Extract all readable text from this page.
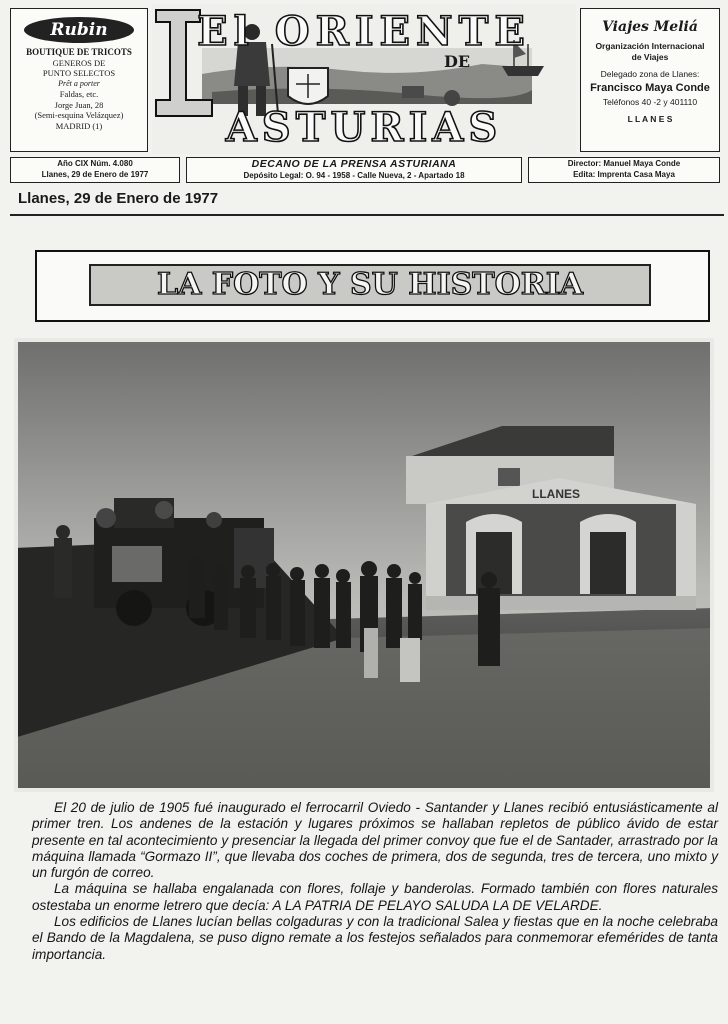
Rubin
BOUTIQUE DE TRICOTS
GENEROS DE
PUNTO SELECTOS
Prêt a porter
Faldas, etc.
Jorge Juan, 28
(Semi-esquina Velázquez)
MADRID (1)
El ORIENTE
DE
ASTURIAS
Viajes Meliá
Organización Internacional
de Viajes
Delegado zona de Llanes:
Francisco Maya Conde
Teléfonos 40 -2 y 401110
L L A N E S
Año CIX Núm. 4.080
Llanes, 29 de Enero de 1977
DECANO DE LA PRENSA ASTURIANA
Depósito Legal: O. 94 - 1958 - Calle Nueva, 2 - Apartado 18
Director: Manuel Maya Conde
Edita: Imprenta Casa Maya
Llanes, 29 de Enero de 1977
LA FOTO Y SU HISTORIA
LLANES

El 20 de julio de 1905 fué inaugurado el ferrocarril Oviedo - Santander y Llanes recibió entusiásticamente al primer tren. Los andenes de la estación y lugares próximos se hallaban repletos de público ávido de estar presente en tal acontecimiento y presenciar la llegada del primer convoy que fue el de Santader, arrastrado por la máquina llamada “Gormazo II”, que llevaba dos coches de primera, dos de segunda, tres de tercera, uno mixto y un furgón de correo.

La máquina se hallaba engalanada con flores, follaje y banderolas. Formado también con flores naturales ostestaba un enorme letrero que decía: A LA PATRIA DE PELAYO SALUDA LA DE VELARDE.

Los edificios de Llanes lucían bellas colgaduras y con la tradicional Salea y fiestas que en la noche celebraba el Bando de la Magdalena, se puso digno remate a los festejos señalados para conmemorar efemérides de tanta importancia.
